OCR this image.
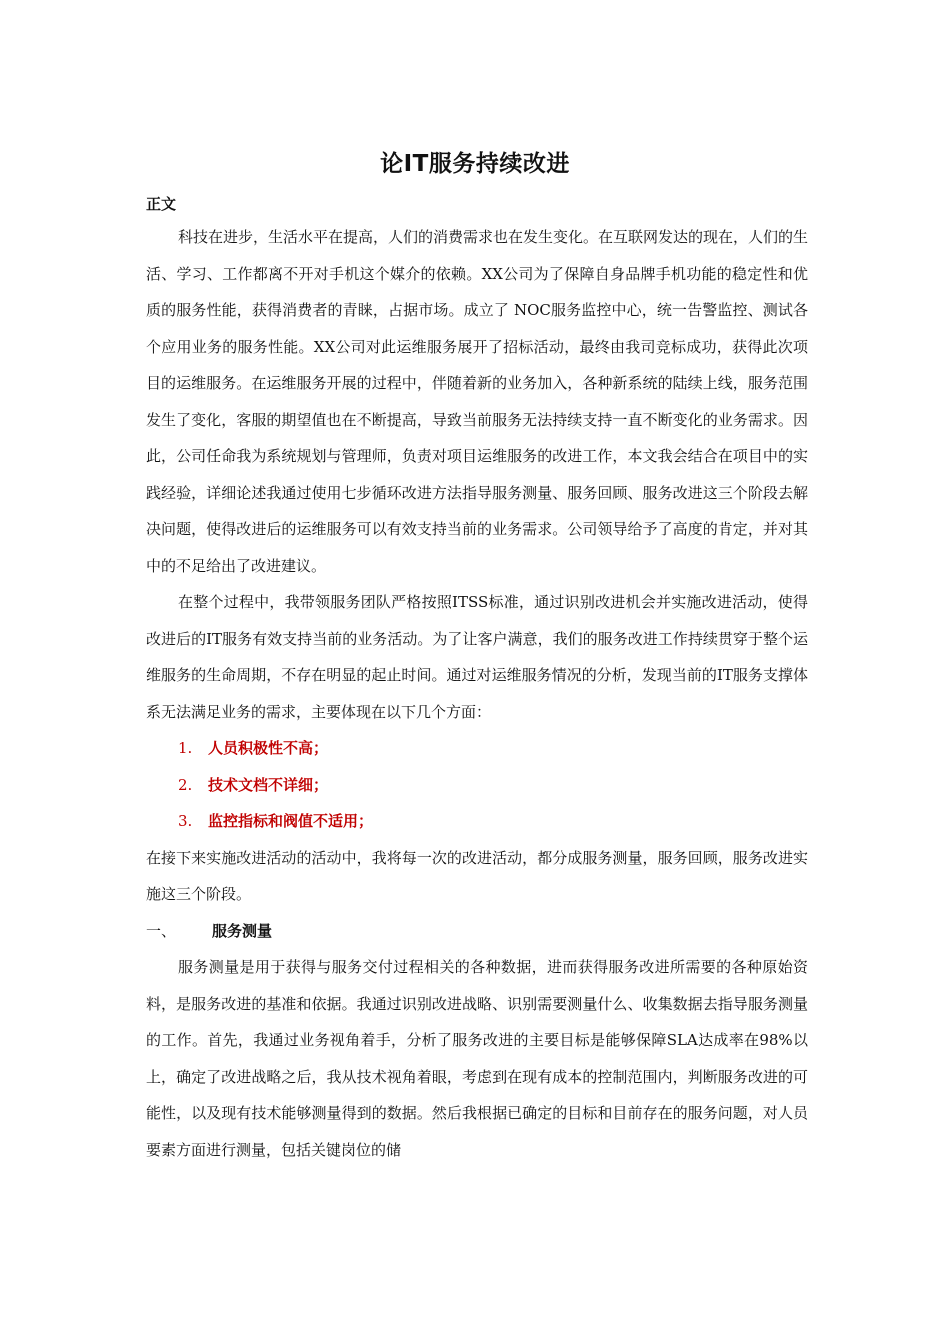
论IT服务持续改进
正文

科技在进步，生活水平在提高，人们的消费需求也在发生变化。在互联网发达的现在，人们的生活、学习、工作都离不开对手机这个媒介的依赖。XX公司为了保障自身品牌手机功能的稳定性和优质的服务性能，获得消费者的青睐，占据市场。成立了 NOC服务监控中心，统一告警监控、测试各个应用业务的服务性能。XX公司对此运维服务展开了招标活动，最终由我司竞标成功，获得此次项目的运维服务。在运维服务开展的过程中，伴随着新的业务加入，各种新系统的陆续上线，服务范围发生了变化，客服的期望值也在不断提高，导致当前服务无法持续支持一直不断变化的业务需求。因此，公司任命我为系统规划与管理师，负责对项目运维服务的改进工作，本文我会结合在项目中的实践经验，详细论述我通过使用七步循环改进方法指导服务测量、服务回顾、服务改进这三个阶段去解决问题，使得改进后的运维服务可以有效支持当前的业务需求。公司领导给予了高度的肯定，并对其中的不足给出了改进建议。

在整个过程中，我带领服务团队严格按照ITSS标准，通过识别改进机会并实施改进活动，使得改进后的IT服务有效支持当前的业务活动。为了让客户满意，我们的服务改进工作持续贯穿于整个运维服务的生命周期，不存在明显的起止时间。通过对运维服务情况的分析，发现当前的IT服务支撑体系无法满足业务的需求，主要体现在以下几个方面：

1. 人员积极性不高；
2. 技术文档不详细；
3. 监控指标和阀值不适用；

在接下来实施改进活动的活动中，我将每一次的改进活动，都分成服务测量，服务回顾，服务改进实施这三个阶段。

一、 服务测量

服务测量是用于获得与服务交付过程相关的各种数据，进而获得服务改进所需要的各种原始资料，是服务改进的基准和依据。我通过识别改进战略、识别需要测量什么、收集数据去指导服务测量的工作。首先，我通过业务视角着手，分析了服务改进的主要目标是能够保障SLA达成率在98%以上，确定了改进战略之后，我从技术视角着眼，考虑到在现有成本的控制范围内，判断服务改进的可能性，以及现有技术能够测量得到的数据。然后我根据已确定的目标和目前存在的服务问题，对人员要素方面进行测量，包括关键岗位的储
